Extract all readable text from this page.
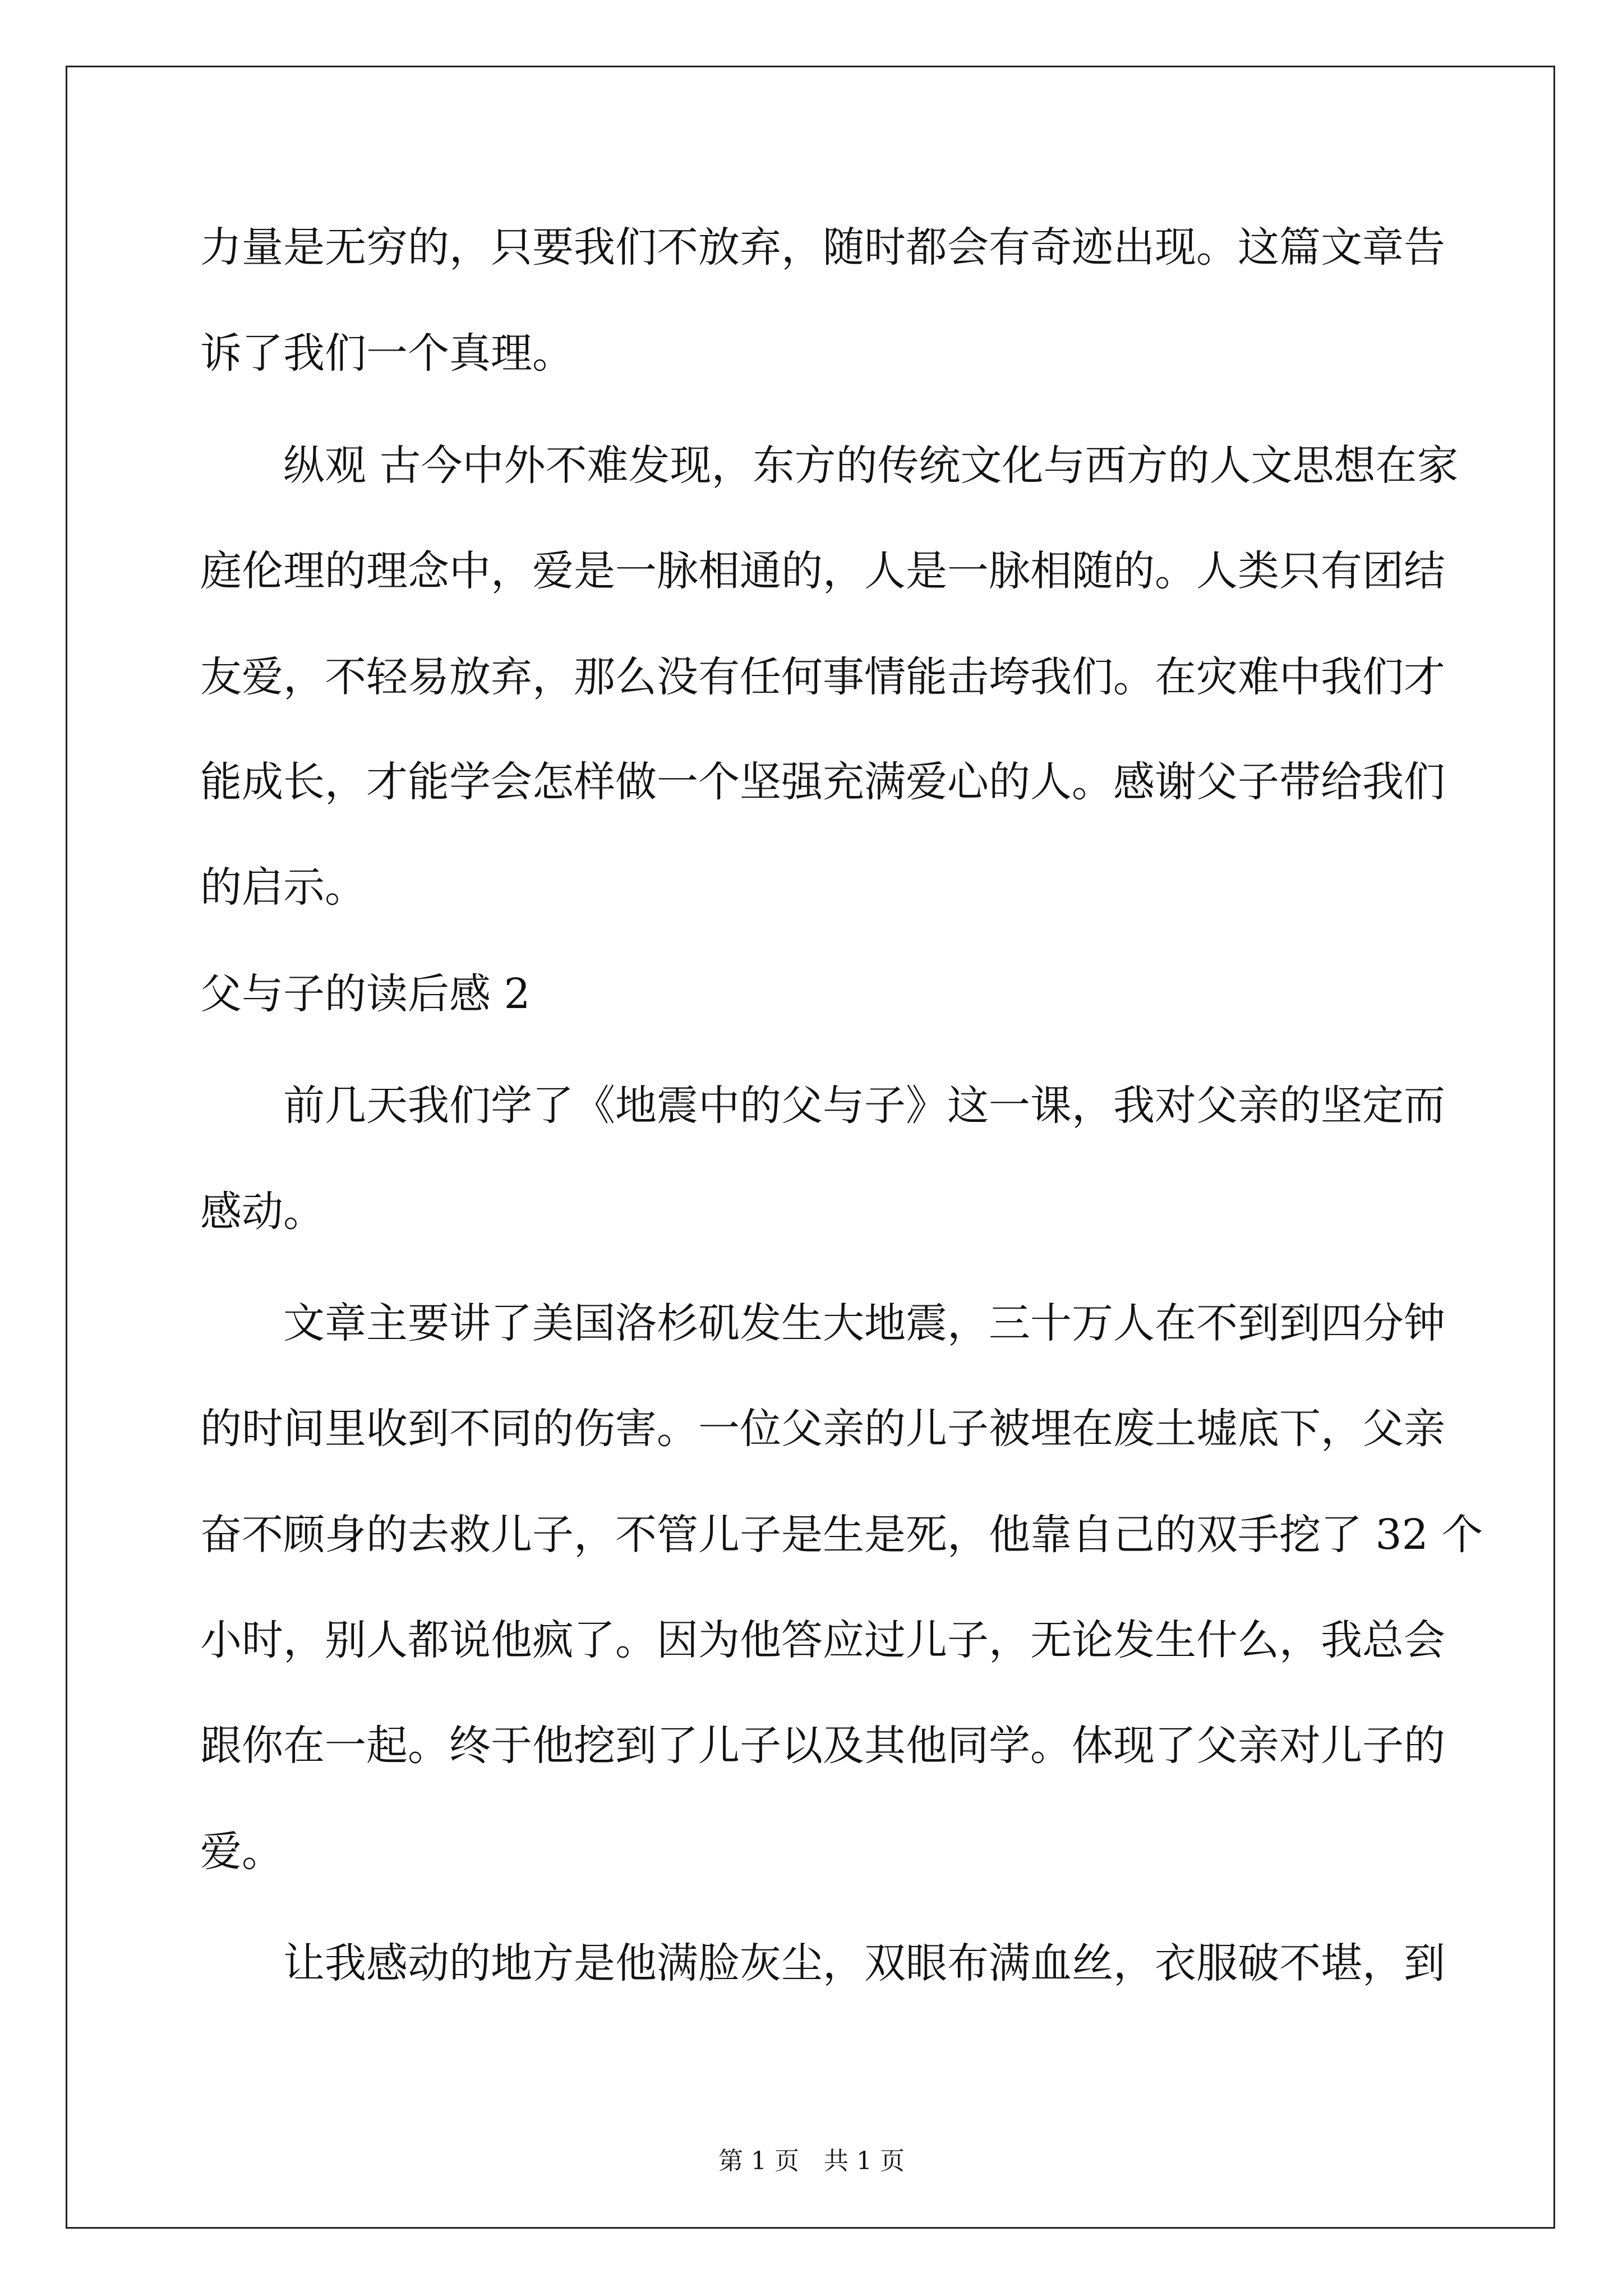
力量是无穷的，只要我们不放弃，随时都会有奇迹出现。这篇文章告
诉了我们一个真理。
纵观 古今中外不难发现，东方的传统文化与西方的人文思想在家
庭伦理的理念中，爱是一脉相通的，人是一脉相随的。人类只有团结
友爱，不轻易放弃，那么没有任何事情能击垮我们。在灾难中我们才
能成长，才能学会怎样做一个坚强充满爱心的人。感谢父子带给我们
的启示。
父与子的读后感 2
前几天我们学了《地震中的父与子》这一课，我对父亲的坚定而
感动。
文章主要讲了美国洛杉矶发生大地震，三十万人在不到到四分钟
的时间里收到不同的伤害。一位父亲的儿子被埋在废土墟底下，父亲
奋不顾身的去救儿子，不管儿子是生是死，他靠自己的双手挖了 32 个
小时，别人都说他疯了。因为他答应过儿子，无论发生什么，我总会
跟你在一起。终于他挖到了儿子以及其他同学。体现了父亲对儿子的
爱。
让我感动的地方是他满脸灰尘，双眼布满血丝，衣服破不堪，到
第 1 页 共 1 页
